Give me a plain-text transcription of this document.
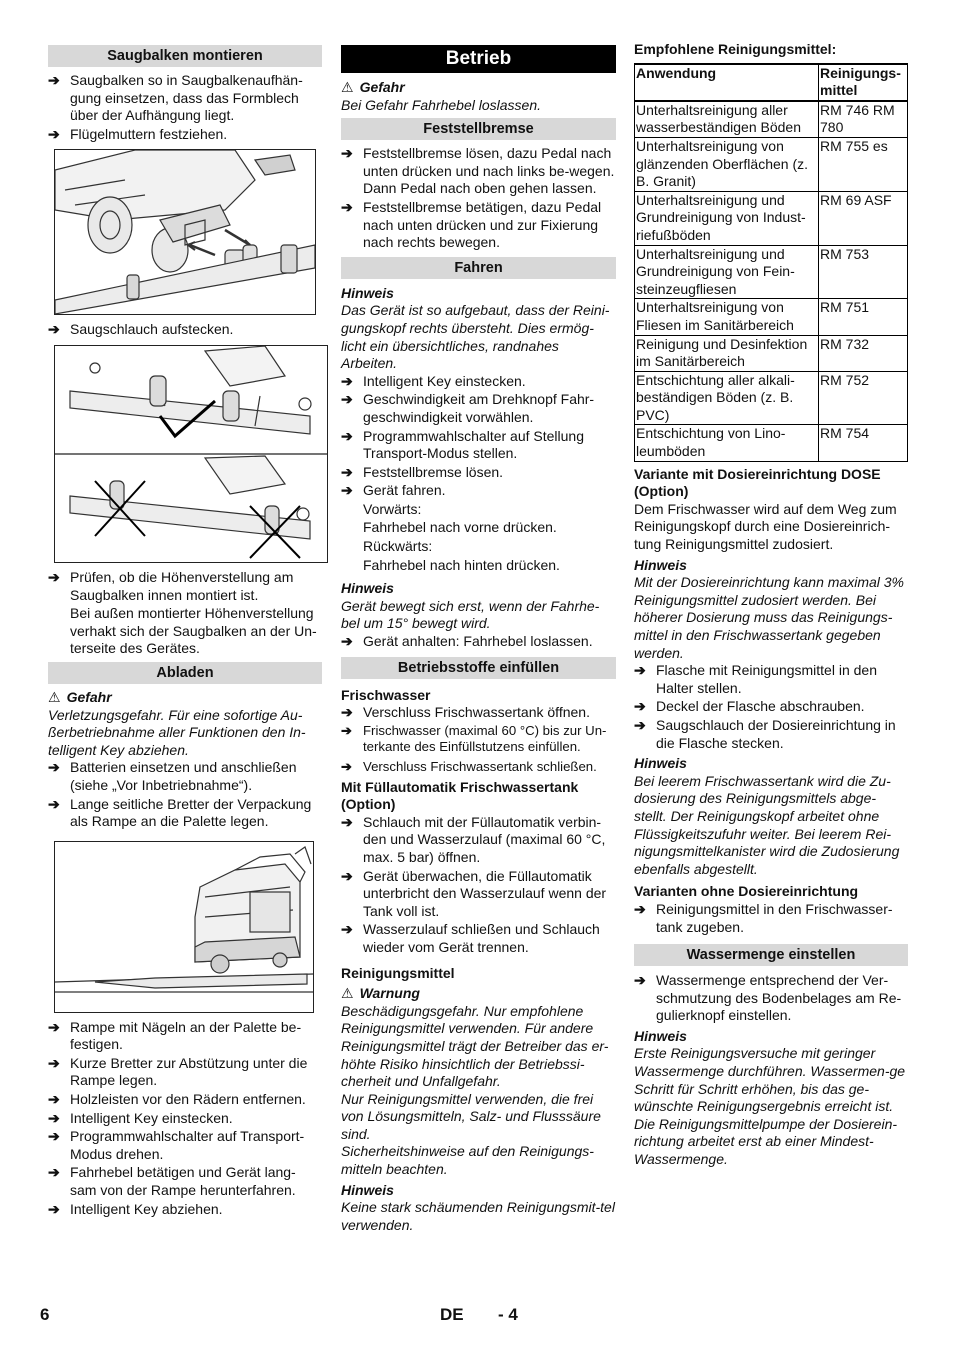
Saugbalken montieren
➔ Saugbalken so in Saugbalkenaufhän-gung einsetzen, dass das Formblech über der Aufhängung liegt.
➔ Flügelmuttern festziehen.
➔ Saugschlauch aufstecken.
➔ Prüfen, ob die Höhenverstellung am Saugbalken innen montiert ist.
Bei außen montierter Höhenverstellung verhakt sich der Saugbalken an der Un-terseite des Gerätes.
Abladen
⚠ Gefahr
Verletzungsgefahr. Für eine sofortige Au-ßerbetriebnahme aller Funktionen den In-telligent Key abziehen.
➔ Batterien einsetzen und anschließen (siehe „Vor Inbetriebnahme“).
➔ Lange seitliche Bretter der Verpackung als Rampe an die Palette legen.
➔ Rampe mit Nägeln an der Palette be-festigen.
➔ Kurze Bretter zur Abstützung unter die Rampe legen.
➔ Holzleisten vor den Rädern entfernen.
➔ Intelligent Key einstecken.
➔ Programmwahlschalter auf Transport-Modus drehen.
➔ Fahrhebel betätigen und Gerät lang-sam von der Rampe herunterfahren.
➔ Intelligent Key abziehen.
Betrieb
⚠ Gefahr
Bei Gefahr Fahrhebel loslassen.
Feststellbremse
➔ Feststellbremse lösen, dazu Pedal nach unten drücken und nach links be-wegen. Dann Pedal nach oben gehen lassen.
➔ Feststellbremse betätigen, dazu Pedal nach unten drücken und zur Fixierung nach rechts bewegen.
Fahren
Hinweis
Das Gerät ist so aufgebaut, dass der Reini-gungskopf rechts übersteht. Dies ermög-licht ein übersichtliches, randnahes Arbeiten.
➔ Intelligent Key einstecken.
➔ Geschwindigkeit am Drehknopf Fahr-geschwindigkeit vorwählen.
➔ Programmwahlschalter auf Stellung Transport-Modus stellen.
➔ Feststellbremse lösen.
➔ Gerät fahren.
Vorwärts:
Fahrhebel nach vorne drücken.
Rückwärts:
Fahrhebel nach hinten drücken.
Hinweis
Gerät bewegt sich erst, wenn der Fahrhe-bel um 15° bewegt wird.
➔ Gerät anhalten: Fahrhebel loslassen.
Betriebsstoffe einfüllen
Frischwasser
➔ Verschluss Frischwassertank öffnen.
➔ Frischwasser (maximal 60 °C) bis zur Un-terkante des Einfüllstutzens einfüllen.
➔ Verschluss Frischwassertank schließen.
Mit Füllautomatik Frischwassertank (Option)
➔ Schlauch mit der Füllautomatik verbin-den und Wasserzulauf (maximal 60 °C, max. 5 bar) öffnen.
➔ Gerät überwachen, die Füllautomatik unterbricht den Wasserzulauf wenn der Tank voll ist.
➔ Wasserzulauf schließen und Schlauch wieder vom Gerät trennen.
Reinigungsmittel
⚠ Warnung
Beschädigungsgefahr. Nur empfohlene Reinigungsmittel verwenden. Für andere Reinigungsmittel trägt der Betreiber das er-höhte Risiko hinsichtlich der Betriebssi-cherheit und Unfallgefahr.
Nur Reinigungsmittel verwenden, die frei von Lösungsmitteln, Salz- und Flusssäure sind.
Sicherheitshinweise auf den Reinigungs-mitteln beachten.
Hinweis
Keine stark schäumenden Reinigungsmit-tel verwenden.
Empfohlene Reinigungsmittel:
Anwendung	Reinigungs-mittel
Unterhaltsreinigung aller wasserbeständigen Böden	RM 746 RM 780
Unterhaltsreinigung von glänzenden Oberflächen (z. B. Granit)	RM 755 es
Unterhaltsreinigung und Grundreinigung von Indust-riefußböden	RM 69 ASF
Unterhaltsreinigung und Grundreinigung von Fein-steinzeugfliesen	RM 753
Unterhaltsreinigung von Fliesen im Sanitärbereich	RM 751
Reinigung und Desinfektion im Sanitärbereich	RM 732
Entschichtung aller alkali-beständigen Böden (z. B. PVC)	RM 752
Entschichtung von Lino-leumböden	RM 754
Variante mit Dosiereinrichtung DOSE (Option)
Dem Frischwasser wird auf dem Weg zum Reinigungskopf durch eine Dosiereinrich-tung Reinigungsmittel zudosiert.
Hinweis
Mit der Dosiereinrichtung kann maximal 3% Reinigungsmittel zudosiert werden. Bei höherer Dosierung muss das Reinigungs-mittel in den Frischwassertank gegeben werden.
➔ Flasche mit Reinigungsmittel in den Halter stellen.
➔ Deckel der Flasche abschrauben.
➔ Saugschlauch der Dosiereinrichtung in die Flasche stecken.
Hinweis
Bei leerem Frischwassertank wird die Zu-dosierung des Reinigungsmittels abge-stellt. Der Reinigungskopf arbeitet ohne Flüssigkeitszufuhr weiter. Bei leerem Rei-nigungsmittelkanister wird die Zudosierung ebenfalls abgestellt.
Varianten ohne Dosiereinrichtung
➔ Reinigungsmittel in den Frischwasser-tank zugeben.
Wassermenge einstellen
➔ Wassermenge entsprechend der Ver-schmutzung des Bodenbelages am Re-gulierknopf einstellen.
Hinweis
Erste Reinigungsversuche mit geringer Wassermenge durchführen. Wassermen-ge Schritt für Schritt erhöhen, bis das ge-wünschte Reinigungsergebnis erreicht ist. Die Reinigungsmittelpumpe der Dosierein-richtung arbeitet erst ab einer Mindest-Wassermenge.
6	DE - 4
